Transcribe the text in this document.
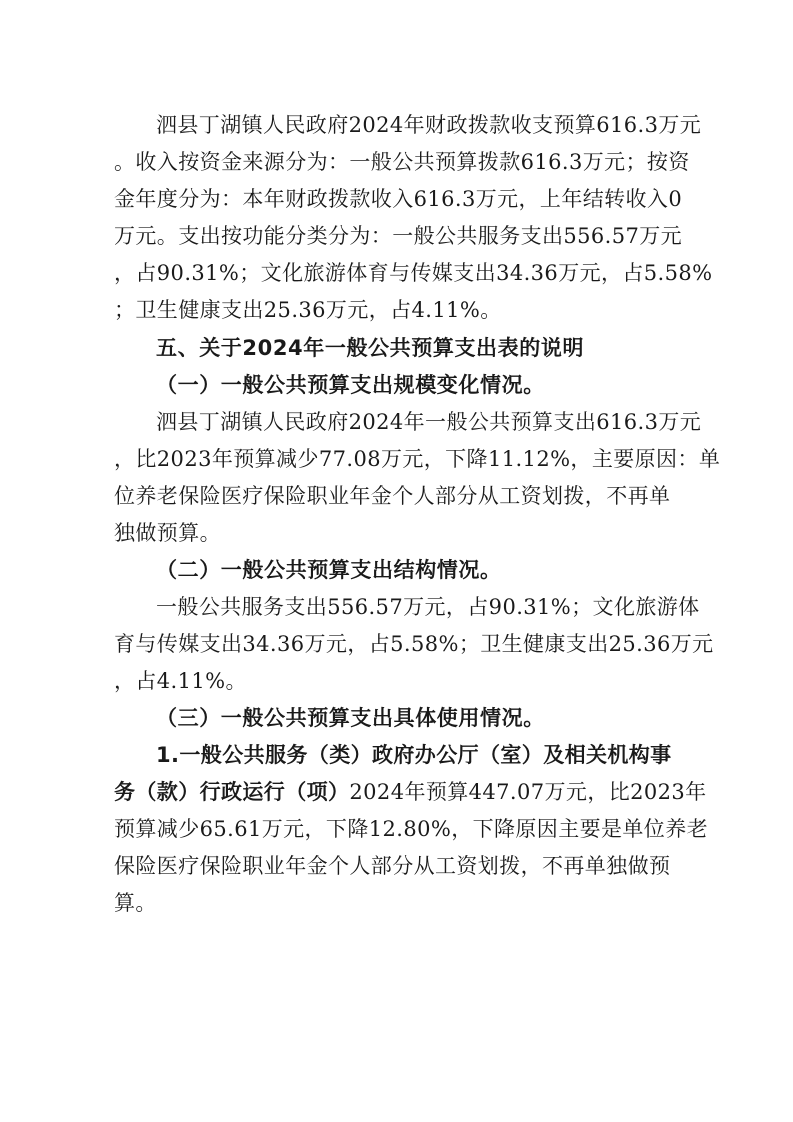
泗县丁湖镇人民政府2024年财政拨款收支预算616.3万元
。收入按资金来源分为：一般公共预算拨款616.3万元；按资
金年度分为：本年财政拨款收入616.3万元，上年结转收入0
万元。支出按功能分类分为：一般公共服务支出556.57万元
，占90.31%；文化旅游体育与传媒支出34.36万元，占5.58%
；卫生健康支出25.36万元，占4.11%。
五、关于2024年一般公共预算支出表的说明
（一）一般公共预算支出规模变化情况。
泗县丁湖镇人民政府2024年一般公共预算支出616.3万元
，比2023年预算减少77.08万元，下降11.12%，主要原因：单
位养老保险医疗保险职业年金个人部分从工资划拨，不再单
独做预算。
（二）一般公共预算支出结构情况。
一般公共服务支出556.57万元，占90.31%；文化旅游体
育与传媒支出34.36万元，占5.58%；卫生健康支出25.36万元
，占4.11%。
（三）一般公共预算支出具体使用情况。
1.一般公共服务（类）政府办公厅（室）及相关机构事
务（款）行政运行（项）2024年预算447.07万元，比2023年
预算减少65.61万元，下降12.80%，下降原因主要是单位养老
保险医疗保险职业年金个人部分从工资划拨，不再单独做预
算。
